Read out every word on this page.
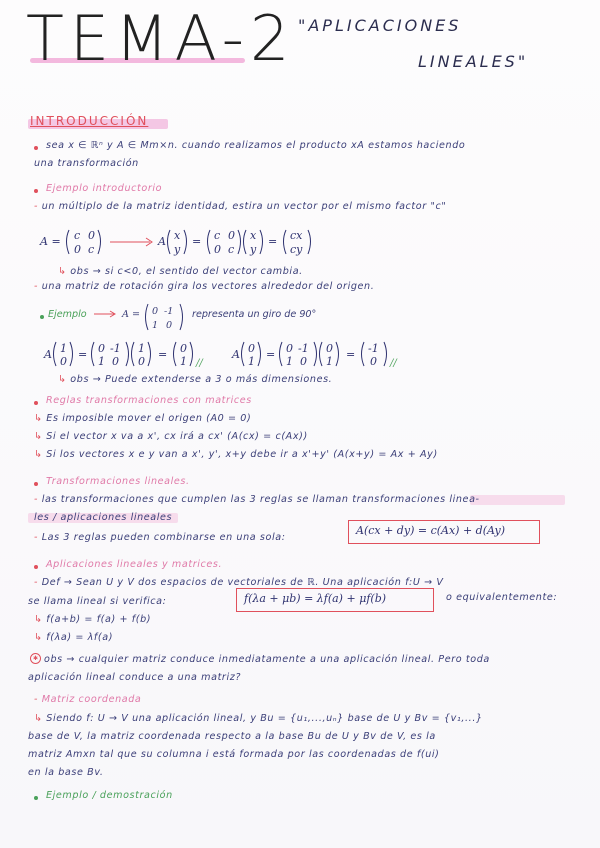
TEMA-2 "APLICACIONES
LINEALES"
INTRODUCCIÓN
sea x ∈ ℝⁿ y A ∈ Mm×n. cuando realizamos el producto xA estamos haciendo
una transformación
Ejemplo introductorio
- un múltiplo de la matriz identidad, estira un vector por el mismo factor "c"
A = c 0
0 c
A x
y
= c 0
0 c
x
y
= cx
cy
↳ obs → si c<0, el sentido del vector cambia.
- una matriz de rotación gira los vectores alrededor del origen.
Ejemplo	A = 0 -1
1 0
representa un giro de 90°
A 1
0
= 0 -1
1 0
1
0
= 0
1 //
A 0
1
= 0 -1
1 0
0
1
= -1
0 //
↳ obs → Puede extenderse a 3 o más dimensiones.
Reglas transformaciones con matrices
↳ Es imposible mover el origen (A0 = 0)
↳ Si el vector x va a x', cx irá a cx' (A(cx) = c(Ax))
↳ Si los vectores x e y van a x', y', x+y debe ir a x'+y' (A(x+y) = Ax + Ay)
Transformaciones lineales.
- las transformaciones que cumplen las 3 reglas se llaman transformaciones linea-
les / aplicaciones lineales
- Las 3 reglas pueden combinarse en una sola:
A(cx + dy) = c(Ax) + d(Ay)
Aplicaciones lineales y matrices.
- Def → Sean U y V dos espacios de vectoriales de ℝ. Una aplicación f:U → V
se llama lineal si verifica:	f(λa + μb) = λf(a) + μf(b)	o equivalentemente:
↳ f(a+b) = f(a) + f(b)
↳ f(λa) = λf(a)
✱ obs → cualquier matriz conduce inmediatamente a una aplicación lineal. Pero toda
aplicación lineal conduce a una matriz?
- Matriz coordenada
↳ Siendo f: U → V una aplicación lineal, y Bu = {u₁,...,uₙ} base de U y Bv = {v₁,...}
base de V, la matriz coordenada respecto a la base Bu de U y Bv de V, es la
matriz Amxn tal que su columna i está formada por las coordenadas de f(ui)
en la base Bv.
Ejemplo / demostración
